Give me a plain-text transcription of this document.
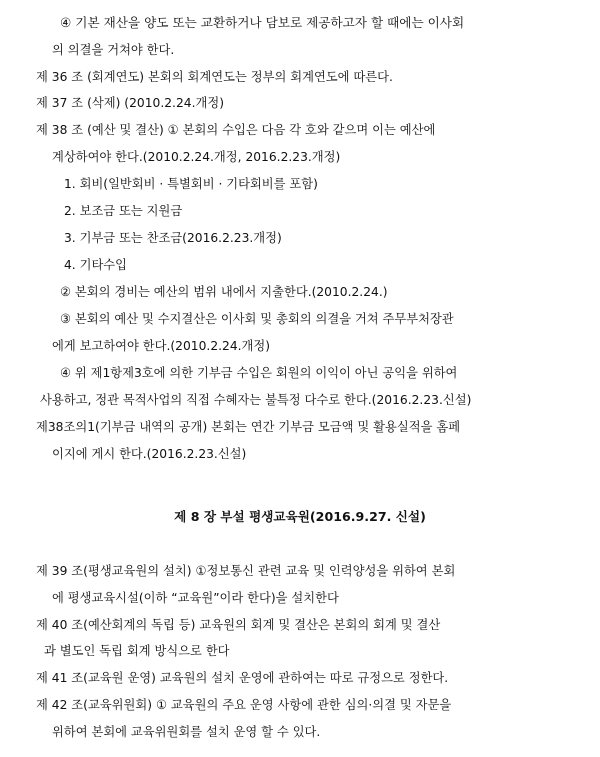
④ 기본 재산을 양도 또는 교환하거나 담보로 제공하고자 할 때에는 이사회
의 의결을 거쳐야 한다.
제 36 조 (회계연도) 본회의 회계연도는 정부의 회계연도에 따른다.
제 37 조 (삭제) (2010.2.24.개정)
제 38 조 (예산 및 결산) ① 본회의 수입은 다음 각 호와 같으며 이는 예산에
계상하여야 한다.(2010.2.24.개정, 2016.2.23.개정)
1. 회비(일반회비 · 특별회비 · 기타회비를 포함)
2. 보조금 또는 지원금
3. 기부금 또는 찬조금(2016.2.23.개정)
4. 기타수입
② 본회의 경비는 예산의 범위 내에서 지출한다.(2010.2.24.)
③ 본회의 예산 및 수지결산은 이사회 및 총회의 의결을 거쳐 주무부처장관
에게 보고하여야 한다.(2010.2.24.개정)
④ 위 제1항제3호에 의한 기부금 수입은 회원의 이익이 아닌 공익을 위하여
사용하고, 정관 목적사업의 직접 수혜자는 불특정 다수로 한다.(2016.2.23.신설)
제38조의1(기부금 내역의 공개) 본회는 연간 기부금 모금액 및 활용실적을 홈페
이지에 게시 한다.(2016.2.23.신설)
제 8 장 부설 평생교육원(2016.9.27. 신설)
제 39 조(평생교육원의 설치) ①정보통신 관련 교육 및 인력양성을 위하여 본회
에 평생교육시설(이하 “교육원”이라 한다)을 설치한다
제 40 조(예산회계의 독립 등) 교육원의 회계 및 결산은 본회의 회계 및 결산
과 별도인 독립 회계 방식으로 한다
제 41 조(교육원 운영) 교육원의 설치 운영에 관하여는 따로 규정으로 정한다.
제 42 조(교육위원회) ① 교육원의 주요 운영 사항에 관한 심의·의결 및 자문을
위하여 본회에 교육위원회를 설치 운영 할 수 있다.
